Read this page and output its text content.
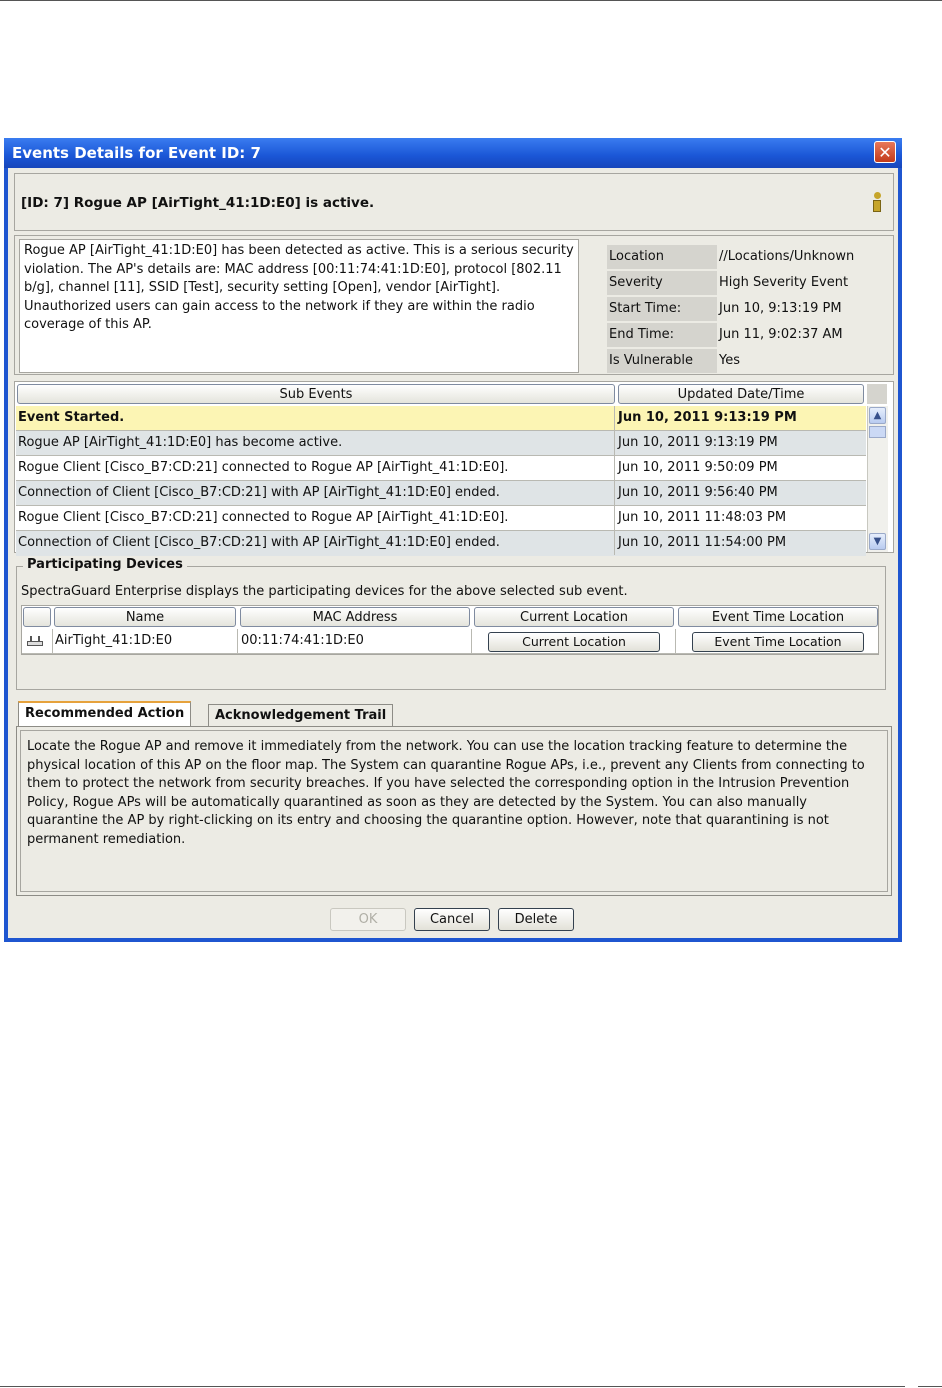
Events Details for Event ID: 7	✕
[ID: 7] Rogue AP [AirTight_41:1D:E0] is active.
Rogue AP [AirTight_41:1D:E0] has been detected as active. This is a serious security violation. The AP's details are: MAC address [00:11:74:41:1D:E0], protocol [802.11 b/g], channel [11], SSID [Test], security setting [Open], vendor [AirTight]. Unauthorized users can gain access to the network if they are within the radio coverage of this AP.
Location	//Locations/Unknown
Severity	High Severity Event
Start Time:	Jun 10, 9:13:19 PM
End Time:	Jun 11, 9:02:37 AM
Is Vulnerable	Yes
Sub Events	Updated Date/Time
Event Started.	Jun 10, 2011 9:13:19 PM
Rogue AP [AirTight_41:1D:E0] has become active.	Jun 10, 2011 9:13:19 PM
Rogue Client [Cisco_B7:CD:21] connected to Rogue AP [AirTight_41:1D:E0].	Jun 10, 2011 9:50:09 PM
Connection of Client [Cisco_B7:CD:21] with AP [AirTight_41:1D:E0] ended.	Jun 10, 2011 9:56:40 PM
Rogue Client [Cisco_B7:CD:21] connected to Rogue AP [AirTight_41:1D:E0].	Jun 10, 2011 11:48:03 PM
Connection of Client [Cisco_B7:CD:21] with AP [AirTight_41:1D:E0] ended.	Jun 10, 2011 11:54:00 PM
▲
▼
Participating Devices
SpectraGuard Enterprise displays the participating devices for the above selected sub event.
Name	MAC Address	Current Location	Event Time Location
AirTight_41:1D:E0	00:11:74:41:1D:E0	Current Location	Event Time Location
Recommended Action	Acknowledgement Trail
Locate the Rogue AP and remove it immediately from the network. You can use the location tracking feature to determine the physical location of this AP on the floor map. The System can quarantine Rogue APs, i.e., prevent any Clients from connecting to them to protect the network from security breaches. If you have selected the corresponding option in the Intrusion Prevention Policy, Rogue APs will be automatically quarantined as soon as they are detected by the System. You can also manually quarantine the AP by right-clicking on its entry and choosing the quarantine option. However, note that quarantining is not permanent remediation.
OK	Cancel	Delete
